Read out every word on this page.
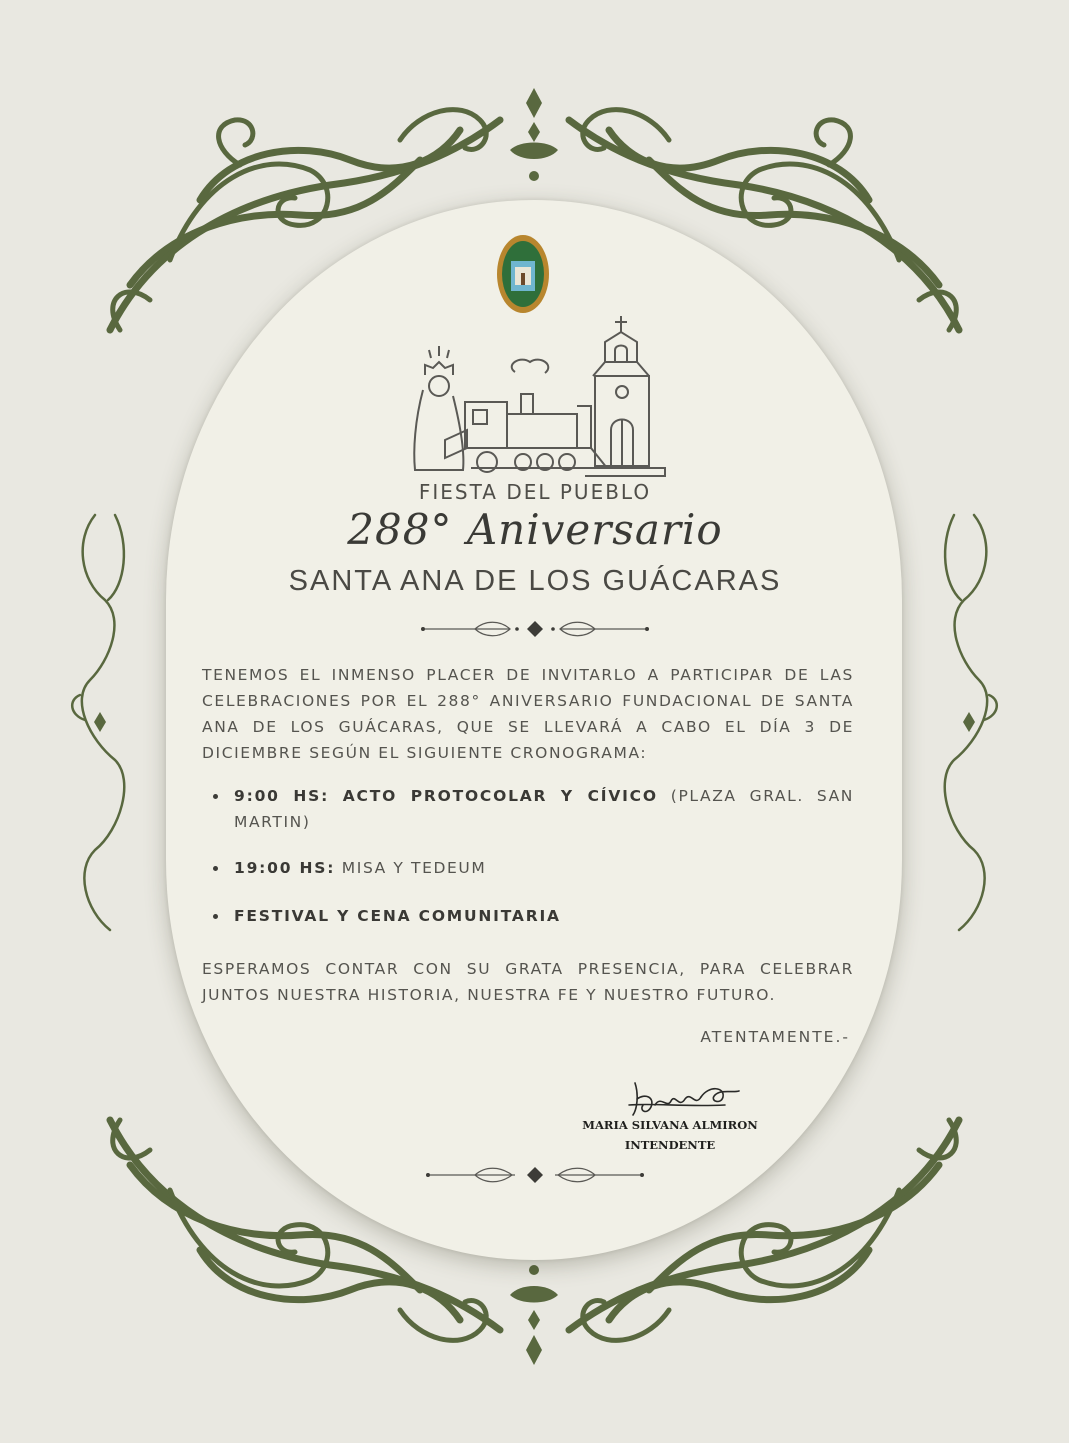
FIESTA DEL PUEBLO
288° Aniversario
SANTA ANA DE LOS GUÁCARAS

TENEMOS EL INMENSO PLACER DE INVITARLO A PARTICIPAR DE LAS CELEBRACIONES POR EL 288° ANIVERSARIO FUNDACIONAL DE SANTA ANA DE LOS GUÁCARAS, QUE SE LLEVARÁ A CABO EL DÍA 3 DE DICIEMBRE SEGÚN EL SIGUIENTE CRONOGRAMA:

9:00 HS: ACTO PROTOCOLAR Y CÍVICO (PLAZA GRAL. SAN MARTIN)
19:00 HS: MISA Y TEDEUM
FESTIVAL Y CENA COMUNITARIA

ESPERAMOS CONTAR CON SU GRATA PRESENCIA, PARA CELEBRAR JUNTOS NUESTRA HISTORIA, NUESTRA FE Y NUESTRO FUTURO.

ATENTAMENTE.-
MARIA SILVANA ALMIRON
INTENDENTE
